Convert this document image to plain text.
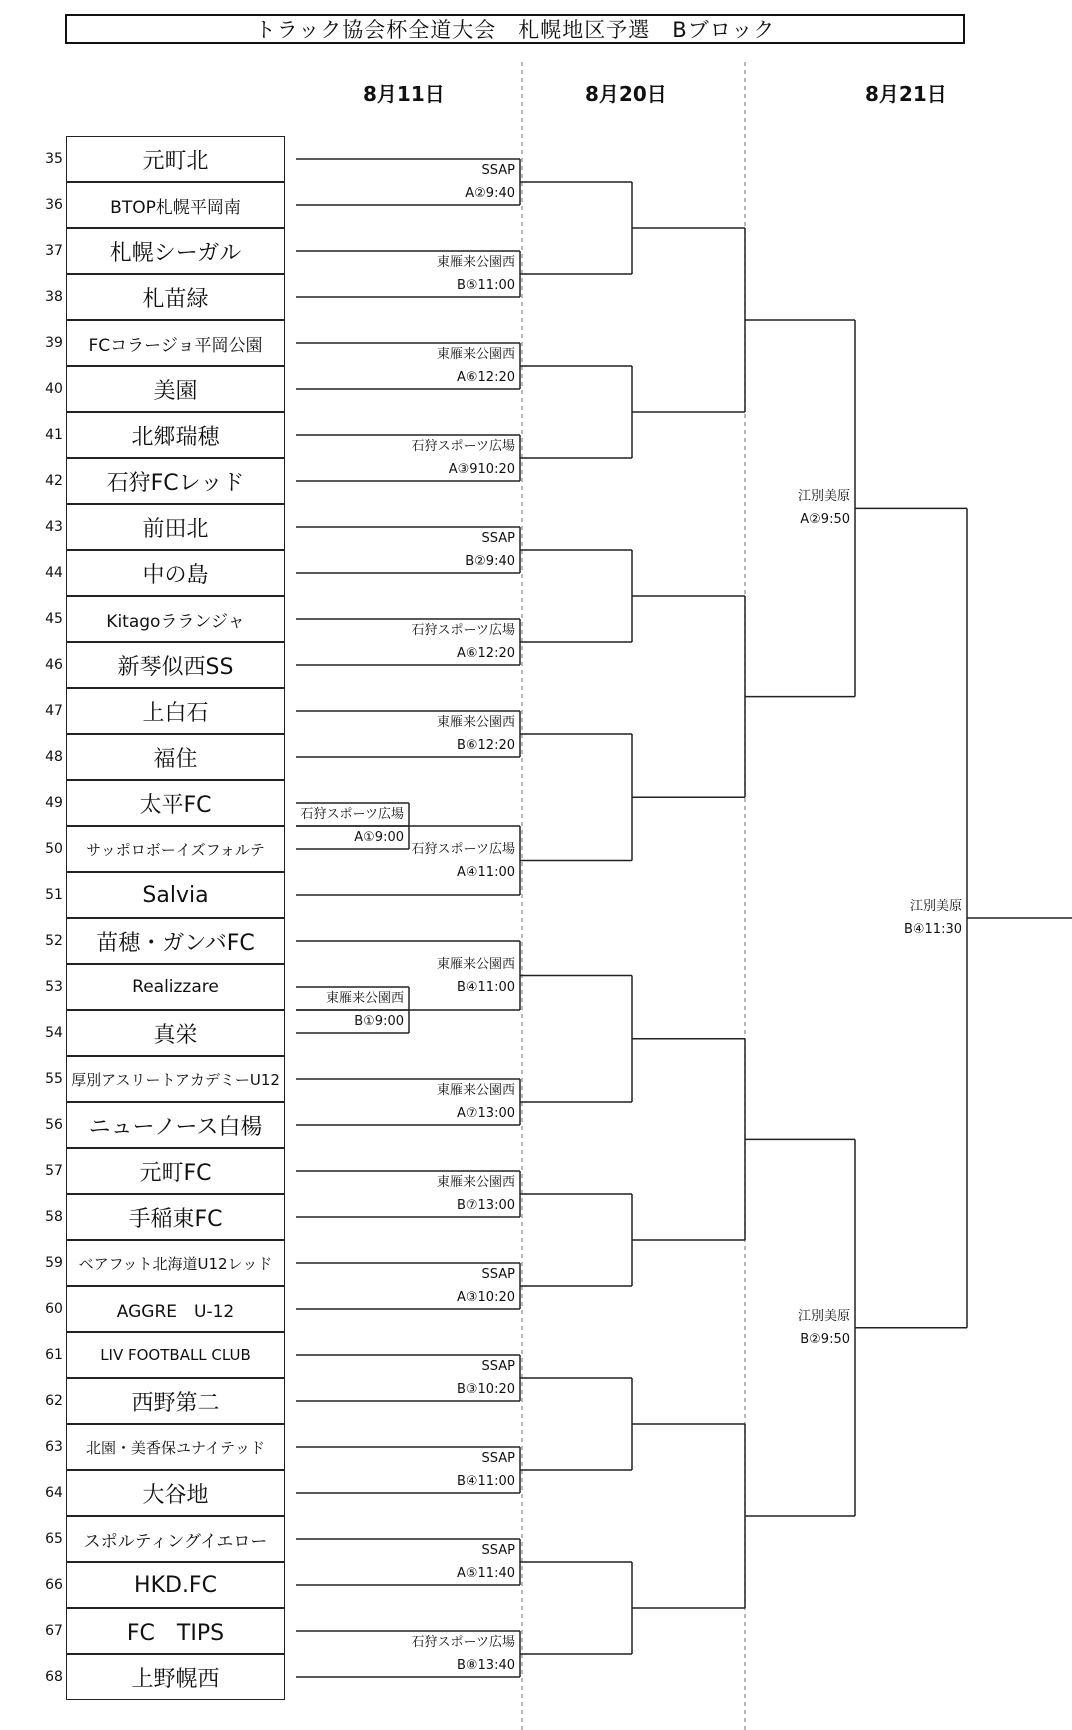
トラック協会杯全道大会　札幌地区予選　Bブロック
8月11日	8月20日	8月21日
35	元町北
36	BTOP札幌平岡南
37	札幌シーガル
38	札苗緑
39	FCコラージョ平岡公園
40	美園
41	北郷瑞穂
42	石狩FCレッド
43	前田北
44	中の島
45	Kitagoラランジャ
46	新琴似西SS
47	上白石
48	福住
49	太平FC
50	サッポロボーイズフォルテ
51	Salvia
52	苗穂・ガンバFC
53	Realizzare
54	真栄
55 厚別アスリートアカデミーU12
56	ニューノース白楊
57	元町FC
58	手稲東FC
59	ベアフット北海道U12レッド
60	AGGRE　U-12
61	LIV FOOTBALL CLUB
62	西野第二
63	北園・美香保ユナイテッド
64	大谷地
65	スポルティングイエロー
66	HKD.FC
67	FC　TIPS
68	上野幌西
石狩スポーツ広場
A①9:00
東雁来公園西
B①9:00
SSAP
A②9:40
東雁来公園西
B⑤11:00
東雁来公園西
A⑥12:20
石狩スポーツ広場
A③910:20
SSAP
B②9:40
石狩スポーツ広場
A⑥12:20
東雁来公園西
B⑥12:20
石狩スポーツ広場
A④11:00
東雁来公園西
B④11:00
東雁来公園西
A⑦13:00
東雁来公園西
B⑦13:00
SSAP
A③10:20
SSAP
B③10:20
SSAP
B④11:00
SSAP
A⑤11:40
石狩スポーツ広場
B⑧13:40
江別美原
A②9:50
江別美原
B②9:50
江別美原
B④11:30
